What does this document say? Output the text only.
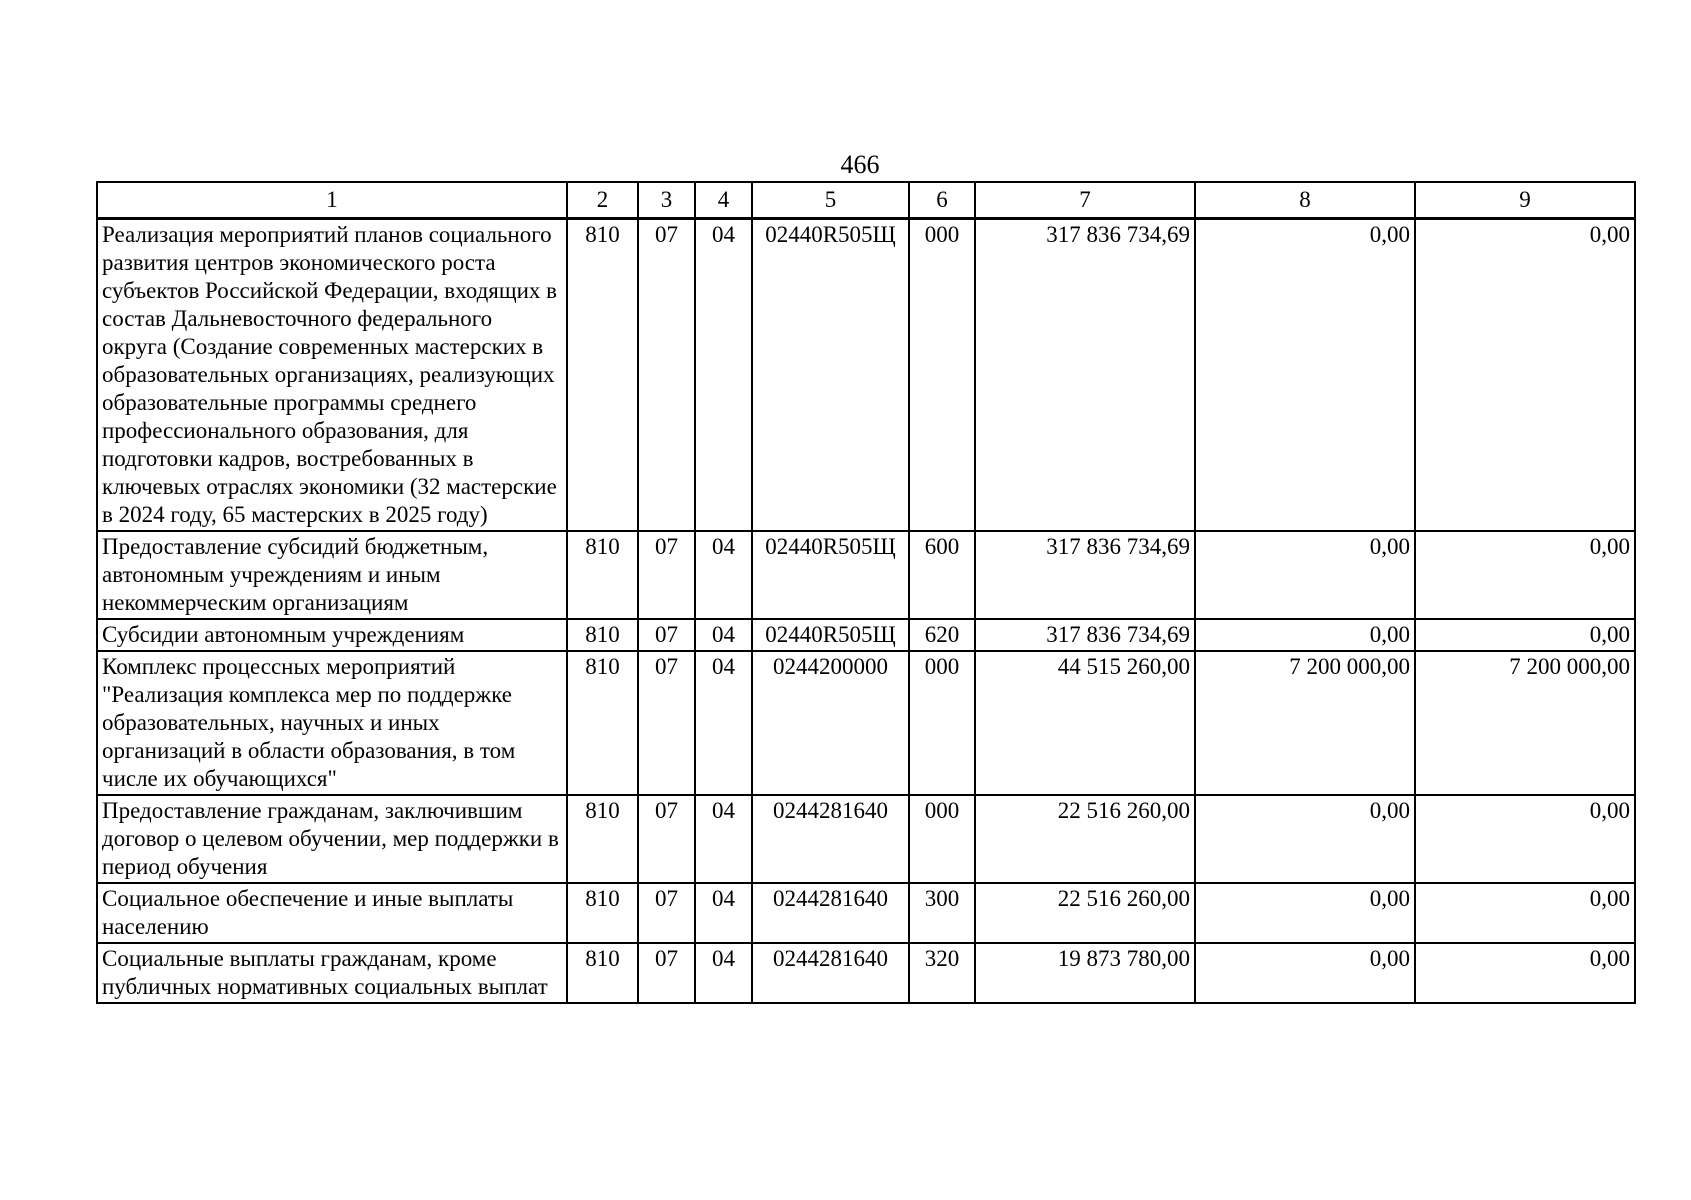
466
1	2	3	4	5	6	7	8	9
Реализация мероприятий планов социального развития центров экономического роста субъектов Российской Федерации, входящих в состав Дальневосточного федерального округа (Создание современных мастерских в образовательных организациях, реализующих образовательные программы среднего профессионального образования, для подготовки кадров, востребованных в ключевых отраслях экономики (32 мастерские в 2024 году, 65 мастерских в 2025 году)	810	07	04	02440R505Щ	000	317 836 734,69	0,00	0,00
Предоставление субсидий бюджетным, автономным учреждениям и иным некоммерческим организациям	810	07	04	02440R505Щ	600	317 836 734,69	0,00	0,00
Субсидии автономным учреждениям	810	07	04	02440R505Щ	620	317 836 734,69	0,00	0,00
Комплекс процессных мероприятий "Реализация комплекса мер по поддержке образовательных, научных и иных организаций в области образования, в том числе их обучающихся"	810	07	04	0244200000	000	44 515 260,00	7 200 000,00	7 200 000,00
Предоставление гражданам, заключившим договор о целевом обучении, мер поддержки в период обучения	810	07	04	0244281640	000	22 516 260,00	0,00	0,00
Социальное обеспечение и иные выплаты населению	810	07	04	0244281640	300	22 516 260,00	0,00	0,00
Социальные выплаты гражданам, кроме публичных нормативных социальных выплат	810	07	04	0244281640	320	19 873 780,00	0,00	0,00
